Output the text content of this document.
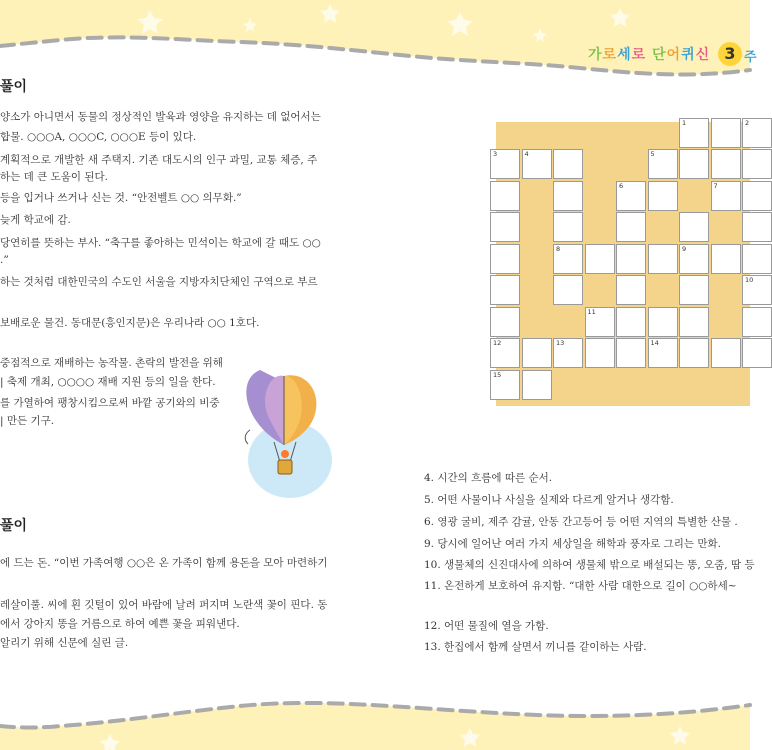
가로세로 단어퀴신 3 주
풀이
양소가 아니면서 동물의 정상적인 발육과 영양을 유지하는 데 없어서는
합물. ○○○A, ○○○C, ○○○E 등이 있다.
계획적으로 개발한 새 주택지. 기존 대도시의 인구 과밀, 교통 체증, 주
하는 데 큰 도움이 된다.
등을 입거나 쓰거나 신는 것. “안전벨트 ○○ 의무화.”
늦게 학교에 감.
당연히를 뜻하는 부사. “축구를 좋아하는 민석이는 학교에 갈 때도 ○○
.”
하는 것처럼 대한민국의 수도인 서울을 지방자치단체인 구역으로 부르
보배로운 물건. 동대문(흥인지문)은 우리나라 ○○ 1호다.
중점적으로 재배하는 농작물. 촌락의 발전을 위해
| 축제 개최, ○○○○ 재배 지원 등의 일을 한다.
를 가열하여 팽창시킴으로써 바깥 공기와의 비중
| 만든 기구.
풀이
에 드는 돈. “이번 가족여행 ○○은 온 가족이 함께 용돈을 모아 마련하기
레살이풀. 씨에 흰 깃털이 있어 바람에 날려 퍼지며 노란색 꽃이 핀다. 동
에서 강아지 똥을 거름으로 하여 예쁜 꽃을 피워낸다.
알리기 위해 신문에 실린 글.
4. 시간의 흐름에 따른 순서.
5. 어떤 사물이나 사실을 실제와 다르게 알거나 생각함.
6. 영광 굴비, 제주 감귤, 안동 간고등어 등 어떤 지역의 특별한 산물 .
9. 당시에 일어난 여러 가지 세상일을 해학과 풍자로 그리는 만화.
10. 생물체의 신진대사에 의하여 생물체 밖으로 배설되는 똥, 오줌, 땀 등
11. 온전하게 보호하여 유지함. “대한 사람 대한으로 길이 ○○하세~
12. 어떤 물질에 열을 가함.
13. 한집에서 함께 살면서 끼니를 같이하는 사람.
1	2
3	4	5
6	7
8	9
10
11
12	13	14
15
